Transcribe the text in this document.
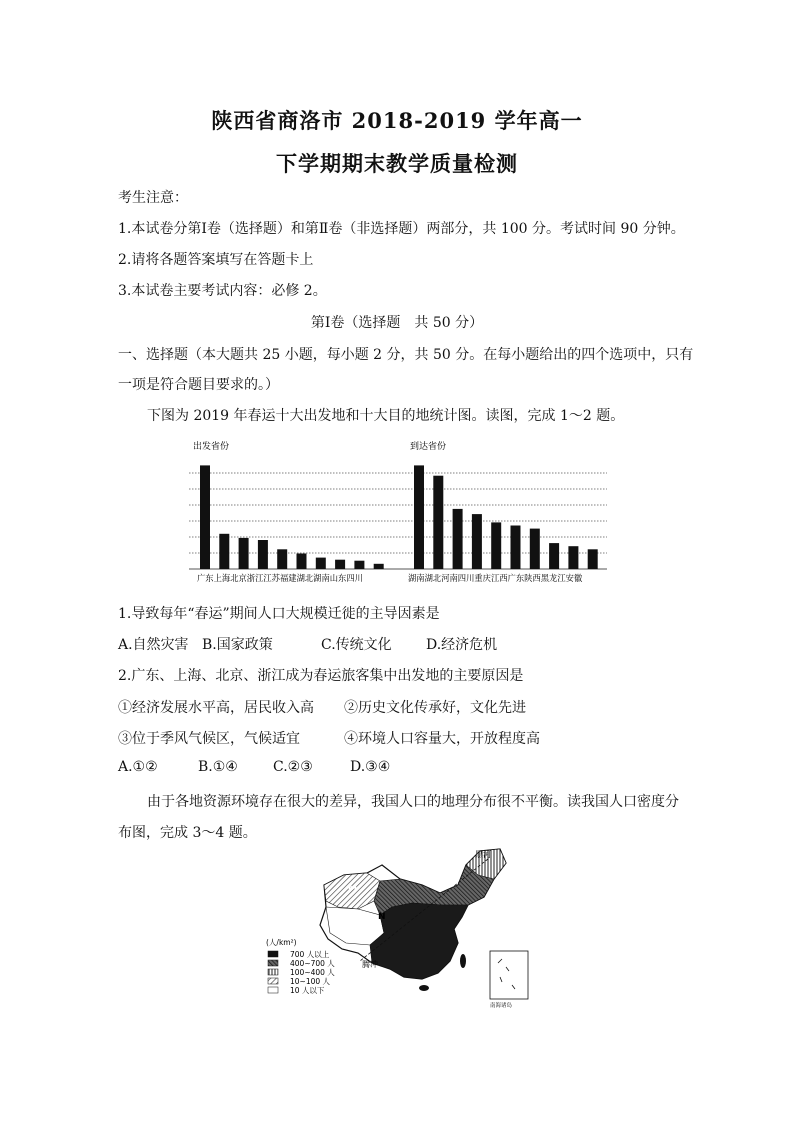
陕西省商洛市 2018-2019 学年高一
下学期期末教学质量检测
考生注意：
1.本试卷分第Ⅰ卷（选择题）和第Ⅱ卷（非选择题）两部分，共 100 分。考试时间 90 分钟。
2.请将各题答案填写在答题卡上
3.本试卷主要考试内容：必修 2。
第Ⅰ卷（选择题　共 50 分）
一、选择题（本大题共 25 小题，每小题 2 分，共 50 分。在每小题给出的四个选项中，只有
一项是符合题目要求的。）
下图为 2019 年春运十大出发地和十大目的地统计图。读图，完成 1～2 题。
出发省份	到达省份
广东上海北京浙江江苏福建湖北湖南山东四川	湖南湖北河南四川重庆江西广东陕西黑龙江安徽
1.导致每年“春运”期间人口大规模迁徙的主导因素是
A.自然灾害 B.国家政策	C.传统文化 D.经济危机
2.广东、上海、北京、浙江成为春运旅客集中出发地的主要原因是
①经济发展水平高，居民收入高 ②历史文化传承好，文化先进
③位于季风气候区，气候适宜	④环境人口容量大，开放程度高
A.①②	B.①④	C.②③	D.③④
由于各地资源环境存在很大的差异，我国人口的地理分布很不平衡。读我国人口密度分
布图，完成 3～4 题。
M
N
黑河
腾冲
南海诸岛
(人/km²)
700 人以上
400~700 人
100~400 人
10~100 人
10 人以下
